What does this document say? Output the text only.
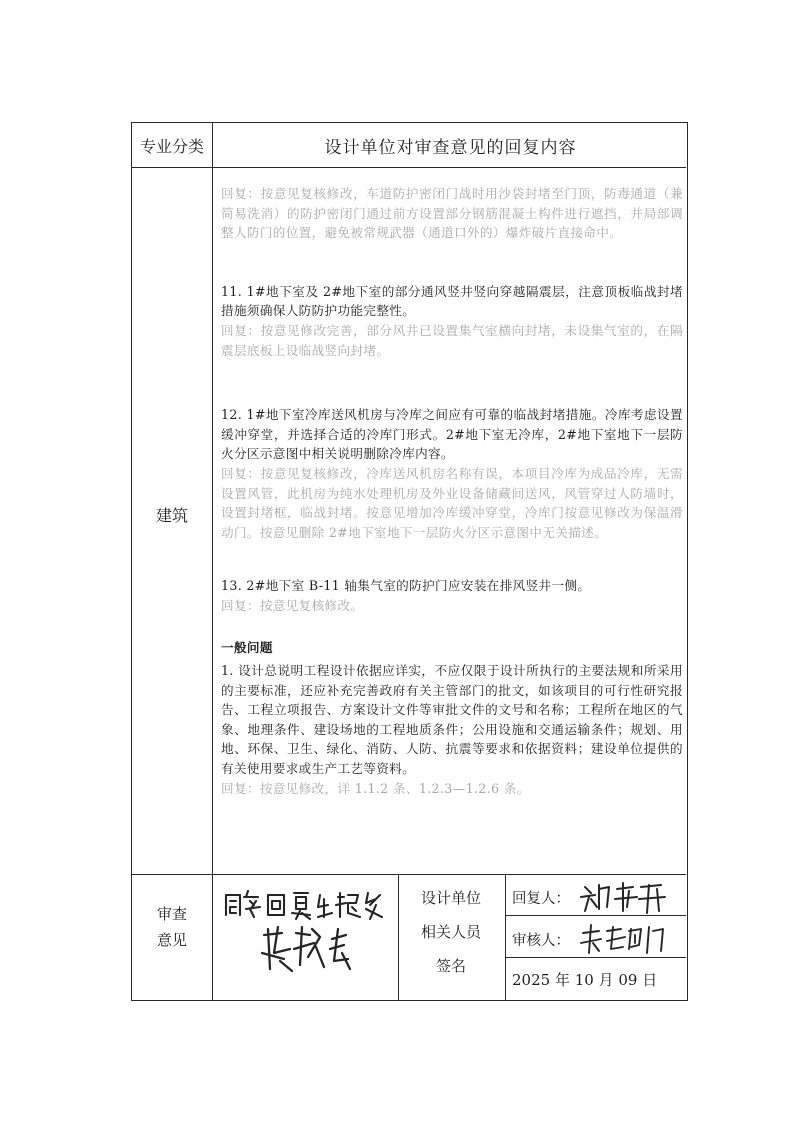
专业分类	设计单位对审查意见的回复内容
建筑

回复：按意见复核修改，车道防护密闭门战时用沙袋封堵至门顶，防毒通道（兼简易洗消）的防护密闭门通过前方设置部分钢筋混凝土构件进行遮挡，并局部调整人防门的位置，避免被常规武器（通道口外的）爆炸破片直接命中。

11. 1#地下室及 2#地下室的部分通风竖井竖向穿越隔震层，注意顶板临战封堵措施须确保人防防护功能完整性。

回复：按意见修改完善，部分风井已设置集气室横向封堵，未设集气室的，在隔震层底板上设临战竖向封堵。

12. 1#地下室冷库送风机房与冷库之间应有可靠的临战封堵措施。冷库考虑设置缓冲穿堂，并选择合适的冷库门形式。2#地下室无冷库，2#地下室地下一层防火分区示意图中相关说明删除冷库内容。

回复：按意见复核修改，冷库送风机房名称有误，本项目冷库为成品冷库，无需设置风管，此机房为纯水处理机房及外业设备储藏间送风，风管穿过人防墙时，设置封堵框，临战封堵。按意见增加冷库缓冲穿堂，冷库门按意见修改为保温滑动门。按意见删除 2#地下室地下一层防火分区示意图中无关描述。

13. 2#地下室 B-11 轴集气室的防护门应安装在排风竖井一侧。

回复：按意见复核修改。

一般问题

1. 设计总说明工程设计依据应详实，不应仅限于设计所执行的主要法规和所采用的主要标准，还应补充完善政府有关主管部门的批文，如该项目的可行性研究报告、工程立项报告、方案设计文件等审批文件的文号和名称；工程所在地区的气象、地理条件、建设场地的工程地质条件；公用设施和交通运输条件；规划、用地、环保、卫生、绿化、消防、人防、抗震等要求和依据资料；建设单位提供的有关使用要求或生产工艺等资料。

回复：按意见修改，详 1.1.2 条、1.2.3—1.2.6 条。

审查
意见
设计单位
相关人员
签名
回复人：
审核人：
2025 年 10 月 09 日
